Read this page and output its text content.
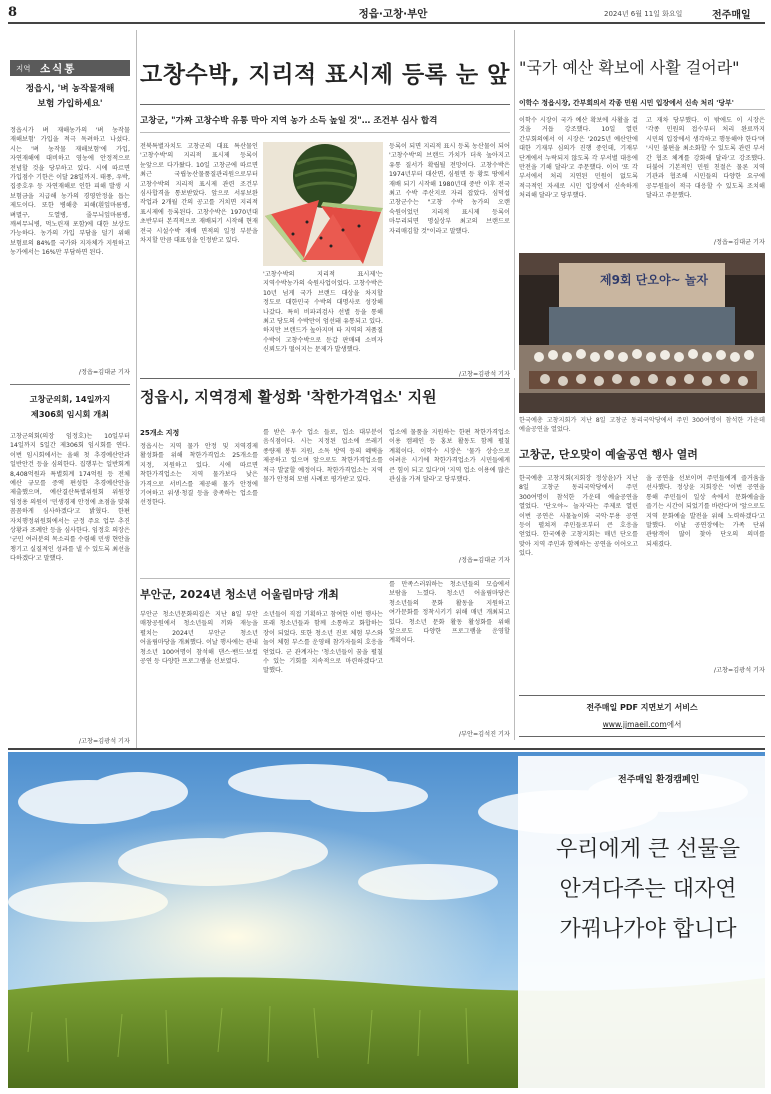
8	정읍·고창·부안	2024년 6월 11일 화요일	전주매일
지역 소식통
정읍시, '벼 농작물재해
보험 가입하세요'
정읍시가 벼 재해농가의 '벼 농작물 재해보험' 가입을 적극 독려하고 나섰다. 시는 '벼 농작물 재해보험'에 가입, 자연재해에 대비하고 영농에 안정적으로 전념할 것을 당부하고 있다. 시에 따르면 가입점수 기한은 이달 28일까지. 태풍, 우박, 집중호우 등 자연재해로 인한 피해 발생 시 보험금을 지급해 농가의 경영안정을 돕는 제도이다. 또한 병해충 피해(흰잎마름병, 벼멸구, 도열병, 줄무늬잎마름병, 깨씨무늬병, 먹노린재 포함)에 대한 보상도 가능하다. 농가의 가입 부담을 덜기 위해 보험료의 84%를 국가와 지자체가 지원하고 농가에서는 16%만 부담하면 된다.
/정읍=김대균 기자
고창군의회, 14일까지
제306회 임시회 개최
고창군의회(의장 임정호)는 10일부터 14일까지 5일간 제306회 임시회를 연다. 이번 임시회에서는 올해 첫 추경예산안과 일반안건 등을 심의한다. 집행부는 일반회계 8,408억원과 특별회계 174억원 등 전체 예산 규모를 증액 편성한 추경예산안을 제출했으며, 예산결산특별위원회 위원장 임정용 의원이 '민생경제 안정에 초점을 맞춰 꼼꼼하게 심사하겠다'고 밝혔다. 한편 자치행정위원회에서는 군정 주요 업무 추진 상황과 조례안 등을 심사한다. 임정호 의장은 '군민 여러분의 목소리를 수렴해 민생 현안을 챙기고 실질적인 성과를 낼 수 있도록 최선을 다하겠다'고 말했다.
/고창=김광석 기자
고창수박, 지리적 표시제 등록 눈 앞
고창군, "가짜 고창수박 유통 막아 지역 농가 소득 높일 것"… 조건부 심사 합격
전북특별자치도 고창군의 대표 특산물인 '고창수박'의 지리적 표시제 등록이 눈앞으로 다가왔다. 10일 고창군에 따르면 최근 국립농산물품질관리원으로부터 고창수박의 지리적 표시제 관련 조건부 심사합격을 통보받았다. 앞으로 서류보완 작업과 2개월 간의 공고를 거치면 지리적 표시제에 등록된다. 고창수박은 1970년대 초반부터 본격적으로 재배되기 시작해 현재 전국 시설수박 재배 면적의 일정 부분을 차지할 만큼 대표성을 인정받고 있다.
'고창수박의 지리적 표시제'는 지역수박농가의 숙원사업이었다. 고창수박은 10년 넘게 국가 브랜드 대상을 차지할 정도로 대한민국 수박의 대명사로 성장해 나갔다. 특히 비파괴검사 선별 등을 통해 최고 당도의 수박만이 엄선돼 유통되고 있다. 하지만 브랜드가 높아지며 타 지역의 저품질 수박이 고창수박으로 둔갑 판매돼 소비자 신뢰도가 떨어지는 문제가 발생했다.
등록이 되면 지리적 표시 등록 농산물이 되어 '고창수박'의 브랜드 가치가 더욱 높아지고 유통 질서가 확립될 전망이다. 고창수박은 1974년부터 대산면, 심원면 등 황토 땅에서 재배 되기 시작해 1980년대 중반 이후 전국 최고 수박 주산지로 자리 잡았다. 심덕섭 고창군수는 "고창 수박 농가의 오랜 숙원이었던 지리적 표시제 등록이 마무리되면 명실상부 최고의 브랜드로 자리매김할 것"이라고 말했다.
/고창=김광석 기자
"국가 예산 확보에 사활 걸어라"
이학수 정읍시장, 간부회의서 각종 민원 시민 입장에서 신속 처리 '당부'
이학수 시장이 국가 예산 확보에 사활을 걸 것을 거듭 강조했다. 10일 열린 간부회의에서 이 시장은 '2025년 예산안에 대한 기재부 심의가 진행 중인데, 기재부 단계에서 누락되지 않도록 각 부서별 대응에 만전을 기해 달라'고 주문했다. 이어 '또 각 부서에서 처리 지연된 민원이 없도록 적극적인 자세로 시민 입장에서 신속하게 처리해 달라'고 당부했다.
고 재차 당부했다. 이 밖에도 이 시장은 '각종 민원의 접수부터 처리 완료까지 시민의 입장에서 생각하고 행동해야 한다'며 '시민 불편을 최소화할 수 있도록 관련 부서 간 협조 체계를 강화해 달라'고 강조했다. 더불어 기본적인 민원 친절은 물론 지역 기관과 협조해 시민들의 다양한 요구에 공무원들이 적극 대응할 수 있도록 조치해 달라고 주문했다.
/정읍=김대균 기자
제9회 단오야~ 놀자
한국예총 고창지회가 지난 8일 고창군 동리국악당에서 주민 300여명이 참석한 가운데 예술공연을 열었다.
정읍시, 지역경제 활성화 '착한가격업소' 지원
25개소 지정
정읍시는 지역 물가 안정 및 지역경제 활성화를 위해 착한가격업소 25개소를 지정, 지원하고 있다. 시에 따르면 착한가격업소는 지역 물가보다 낮은 가격으로 서비스를 제공해 물가 안정에 기여하고 위생·청결 등을 충족하는 업소를 선정한다.
를 받은 우수 업소 들로, 업소 대부분이 음식점이다. 시는 지정된 업소에 쓰레기 종량제 봉투 지원, 소독 방역 등의 혜택을 제공하고 있으며 앞으로도 착한가격업소를 적극 발굴할 예정이다. 착한가격업소는 지역 물가 안정의 모범 사례로 평가받고 있다.
업소에 물품을 지원하는 한편 착한가격업소 이용 캠페인 등 홍보 활동도 함께 펼칠 계획이다. 이학수 시장은 '물가 상승으로 어려운 시기에 착한가격업소가 시민들에게 큰 힘이 되고 있다'며 '지역 업소 이용에 많은 관심을 가져 달라'고 당부했다.
/정읍=김대균 기자
부안군, 2024년 청소년 어울림마당 개최
부안군 청소년문화의집은 지난 8일 부안 매창공원에서 청소년들의 끼와 재능을 펼치는 2024년 부안군 청소년 어울림마당을 개최했다. 이날 행사에는 관내 청소년 100여명이 참석해 댄스·밴드·보컬 공연 등 다양한 프로그램을 선보였다.
소년들이 직접 기획하고 참여한 이번 행사는 또래 청소년들과 함께 소통하고 화합하는 장이 되었다. 또한 청소년 진로 체험 부스와 놀이 체험 부스를 운영해 참가자들의 호응을 얻었다. 군 관계자는 '청소년들이 꿈을 펼칠 수 있는 기회를 지속적으로 마련하겠다'고 말했다.
를 만족스러워하는 청소년들의 모습에서 보람을 느꼈다. 청소년 어울림마당은 청소년들의 문화 활동을 지원하고 여가문화를 정착시키기 위해 매년 개최되고 있다. 청소년 문화 활동 활성화를 위해 앞으로도 다양한 프로그램을 운영할 계획이다.
/부안=김석진 기자
고창군, 단오맞이 예술공연 행사 열려
한국예총 고창지회(지회장 정상윤)가 지난 8일 고창군 동리국악당에서 주민 300여명이 참석한 가운데 예술공연을 열었다. '단오야~ 놀자'라는 주제로 열린 이번 공연은 사물놀이와 국악·무용 공연 등이 펼쳐져 주민들로부터 큰 호응을 얻었다. 한국예총 고창지회는 매년 단오를 맞아 지역 주민과 함께하는 공연을 이어오고 있다.
을 공연을 선보이며 주민들에게 즐거움을 선사했다. 정상윤 지회장은 '이번 공연을 통해 주민들이 일상 속에서 문화예술을 즐기는 시간이 되었기를 바란다'며 '앞으로도 지역 문화예술 발전을 위해 노력하겠다'고 말했다. 이날 공연장에는 가족 단위 관람객이 많이 찾아 단오의 의미를 되새겼다.
/고창=김광석 기자
전주매일 PDF 지면보기 서비스
www.jjmaeil.com에서
전주매일 환경캠페인
우리에게 큰 선물을
안겨다주는 대자연
가꿔나가야 합니다
